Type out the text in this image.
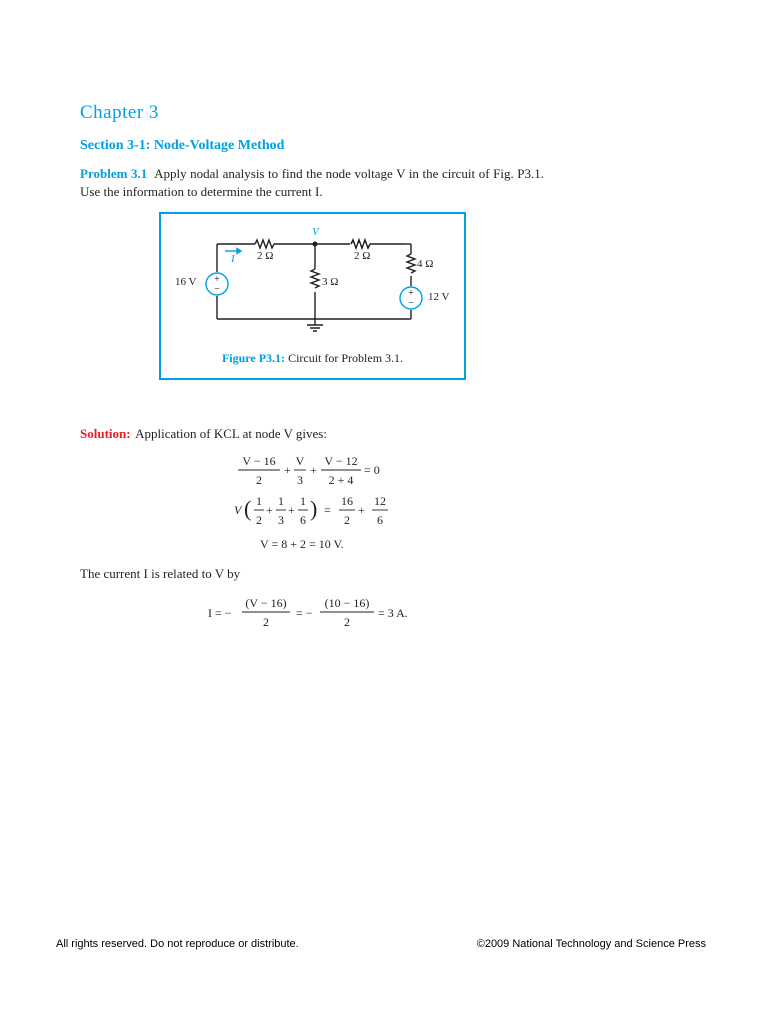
Chapter 3
Section 3-1: Node-Voltage Method
Problem 3.1 Apply nodal analysis to find the node voltage V in the circuit of Fig. P3.1. Use the information to determine the current I.
+
−	+
−
V
I 2 Ω	2 Ω
3 Ω
4 Ω
16 V
12 V
Figure P3.1: Circuit for Problem 3.1.
Solution: Application of KCL at node V gives:
V − 16
2
+
V
3
+
V − 12
2 + 4
= 0
V ( 1
2
+
1
3
+
1
6 ) =
16
2
+
12
6
V = 8 + 2 = 10 V.
The current I is related to V by
I = −
(V − 16)
2
= −
(10 − 16)
2
= 3 A.
All rights reserved. Do not reproduce or distribute.	©2009 National Technology and Science Press
